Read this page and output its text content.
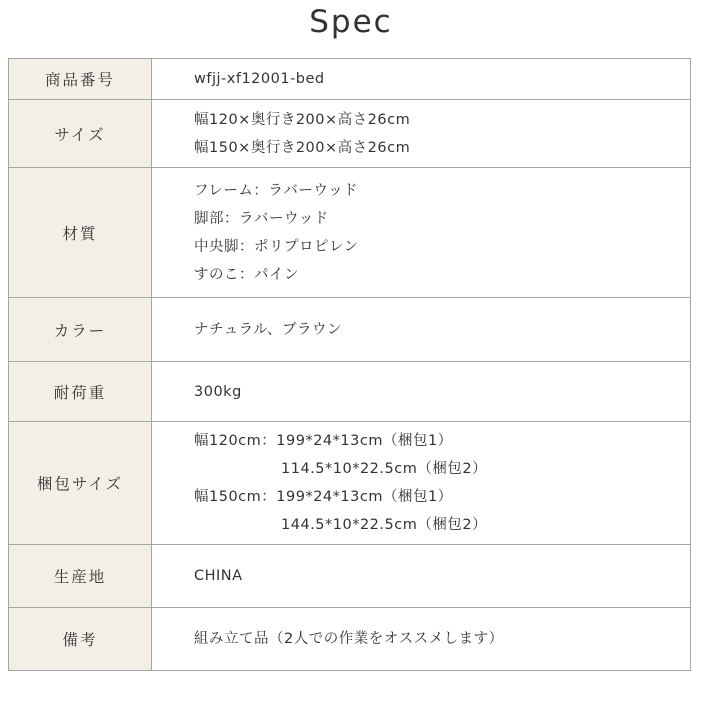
Spec
商品番号	wfjj-xf12001-bed

サイズ	幅120×奥行き200×高さ26cm
幅150×奥行き200×高さ26cm

材質	フレーム：ラバーウッド
脚部：ラバーウッド
中央脚：ポリプロピレン
すのこ：パイン

カラー	ナチュラル、ブラウン

耐荷重	300kg

梱包サイズ	幅120cm：199*24*13cm（梱包1）
114.5*10*22.5cm（梱包2）
幅150cm：199*24*13cm（梱包1）
144.5*10*22.5cm（梱包2）

生産地	CHINA

備考	組み立て品（2人での作業をオススメします）
